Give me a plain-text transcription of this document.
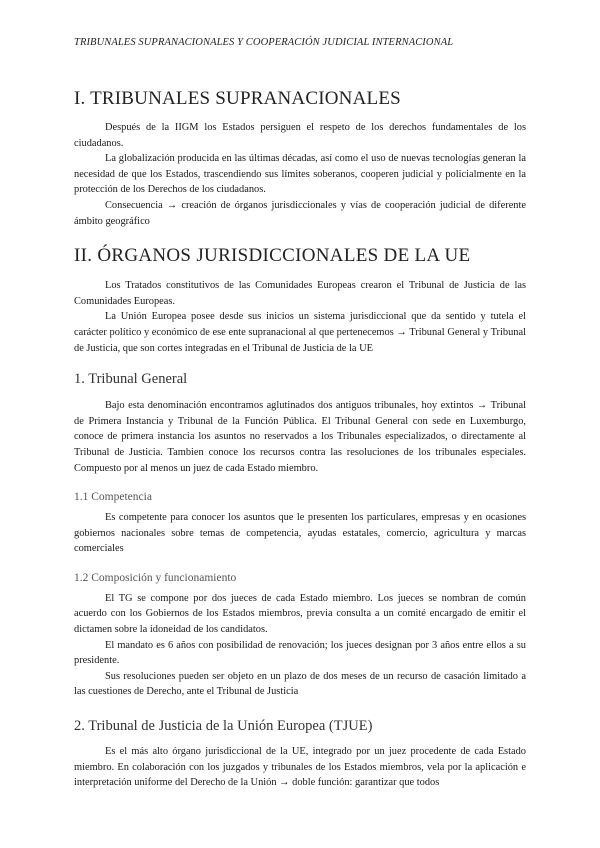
TRIBUNALES SUPRANACIONALES Y COOPERACIÓN JUDICIAL INTERNACIONAL
I. TRIBUNALES SUPRANACIONALES

Después de la IIGM los Estados persiguen el respeto de los derechos fundamentales de los ciudadanos.

La globalización producida en las últimas décadas, así como el uso de nuevas tecnologías generan la necesidad de que los Estados, trascendiendo sus límites soberanos, cooperen judicial y policialmente en la protección de los Derechos de los ciudadanos.

Consecuencia → creación de órganos jurisdiccionales y vías de cooperación judicial de diferente ámbito geográfico

II. ÓRGANOS JURISDICCIONALES DE LA UE

Los Tratados constitutivos de las Comunidades Europeas crearon el Tribunal de Justicia de las Comunidades Europeas.

La Unión Europea posee desde sus inicios un sistema jurisdiccional que da sentido y tutela el carácter político y económico de ese ente supranacional al que pertenecemos → Tribunal General y Tribunal de Justicia, que son cortes integradas en el Tribunal de Justicia de la UE

1. Tribunal General

Bajo esta denominación encontramos aglutinados dos antiguos tribunales, hoy extintos → Tribunal de Primera Instancia y Tribunal de la Función Pública. El Tribunal General con sede en Luxemburgo, conoce de primera instancia los asuntos no reservados a los Tribunales especializados, o directamente al Tribunal de Justicia. Tambien conoce los recursos contra las resoluciones de los tribunales especiales. Compuesto por al menos un juez de cada Estado miembro.

1.1 Competencia

Es competente para conocer los asuntos que le presenten los particulares, empresas y en ocasiones gobiernos nacionales sobre temas de competencia, ayudas estatales, comercio, agricultura y marcas comerciales

1.2 Composición y funcionamiento

El TG se compone por dos jueces de cada Estado miembro. Los jueces se nombran de común acuerdo con los Gobiernos de los Estados miembros, previa consulta a un comité encargado de emitir el dictamen sobre la idoneidad de los candidatos.

El mandato es 6 años con posibilidad de renovación; los jueces designan por 3 años entre ellos a su presidente.

Sus resoluciones pueden ser objeto en un plazo de dos meses de un recurso de casación limitado a las cuestiones de Derecho, ante el Tribunal de Justicia

2. Tribunal de Justicia de la Unión Europea (TJUE)

Es el más alto órgano jurisdiccional de la UE, integrado por un juez procedente de cada Estado miembro. En colaboración con los juzgados y tribunales de los Estados miembros, vela por la aplicación e interpretación uniforme del Derecho de la Unión → doble función: garantizar que todos
